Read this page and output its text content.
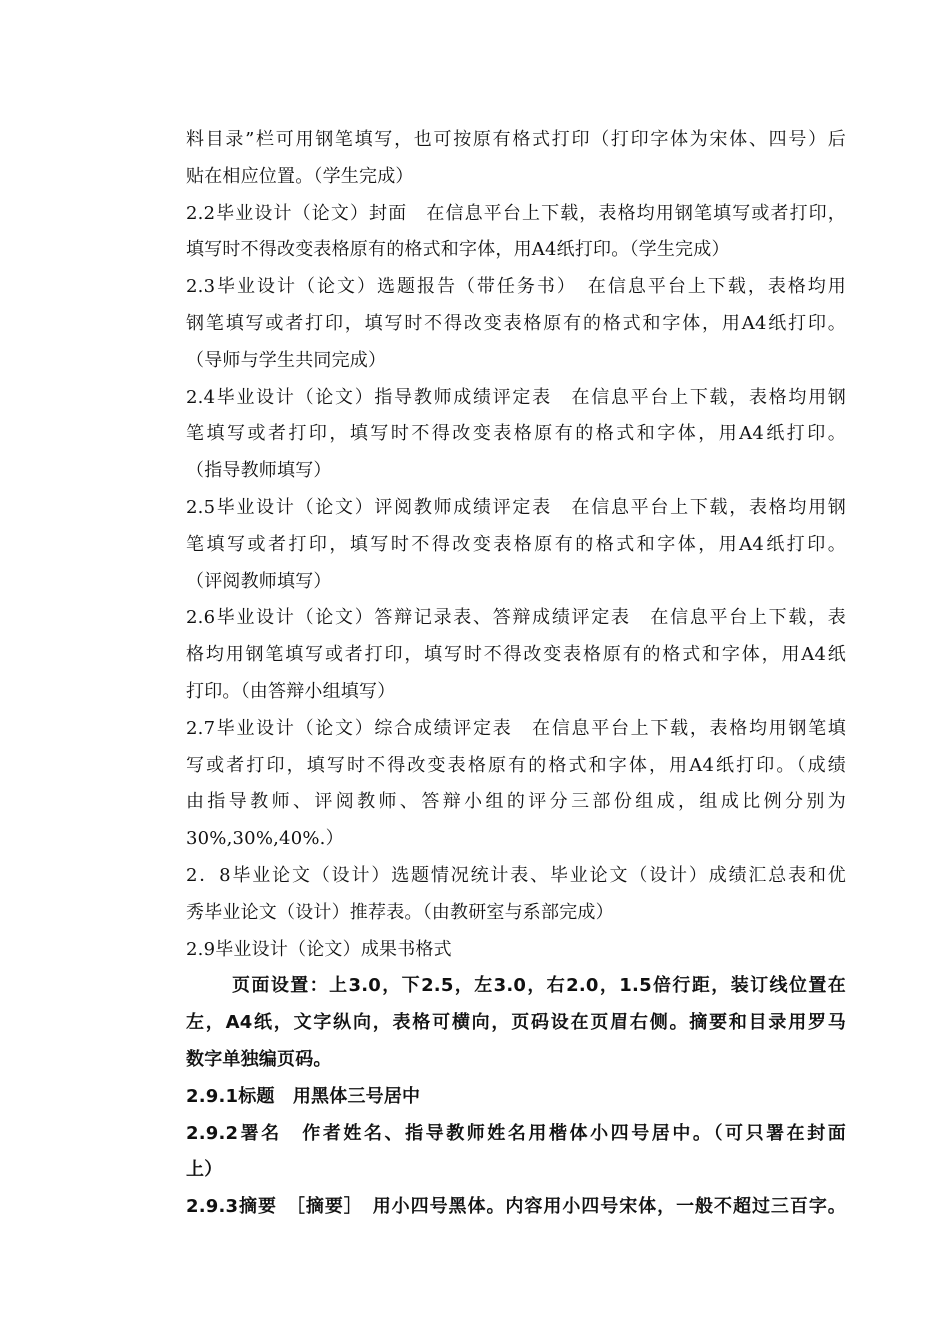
料目录”栏可用钢笔填写，也可按原有格式打印（打印字体为宋体、四号）后
贴在相应位置。（学生完成）
2.2毕业设计（论文）封面　在信息平台上下载，表格均用钢笔填写或者打印，
填写时不得改变表格原有的格式和字体，用A4纸打印。（学生完成）
2.3毕业设计（论文）选题报告（带任务书）　在信息平台上下载，表格均用
钢笔填写或者打印，填写时不得改变表格原有的格式和字体，用A4纸打印。
（导师与学生共同完成）
2.4毕业设计（论文）指导教师成绩评定表　在信息平台上下载，表格均用钢
笔填写或者打印，填写时不得改变表格原有的格式和字体，用A4纸打印。
（指导教师填写）
2.5毕业设计（论文）评阅教师成绩评定表　在信息平台上下载，表格均用钢
笔填写或者打印，填写时不得改变表格原有的格式和字体，用A4纸打印。
（评阅教师填写）
2.6毕业设计（论文）答辩记录表、答辩成绩评定表　在信息平台上下载，表
格均用钢笔填写或者打印，填写时不得改变表格原有的格式和字体，用A4纸
打印。（由答辩小组填写）
2.7毕业设计（论文）综合成绩评定表　在信息平台上下载，表格均用钢笔填
写或者打印，填写时不得改变表格原有的格式和字体，用A4纸打印。（成绩
由指导教师、评阅教师、答辩小组的评分三部份组成，组成比例分别为
30%,30%,40%.）
2．8毕业论文（设计）选题情况统计表、毕业论文（设计）成绩汇总表和优
秀毕业论文（设计）推荐表。（由教研室与系部完成）
2.9毕业设计（论文）成果书格式
页面设置：上3.0，下2.5，左3.0，右2.0，1.5倍行距，装订线位置在
左，A4纸，文字纵向，表格可横向，页码设在页眉右侧。摘要和目录用罗马
数字单独编页码。
2.9.1标题　用黑体三号居中
2.9.2署名　作者姓名、指导教师姓名用楷体小四号居中。（可只署在封面
上）
2.9.3摘要　［摘要］　用小四号黑体。内容用小四号宋体，一般不超过三百字。
